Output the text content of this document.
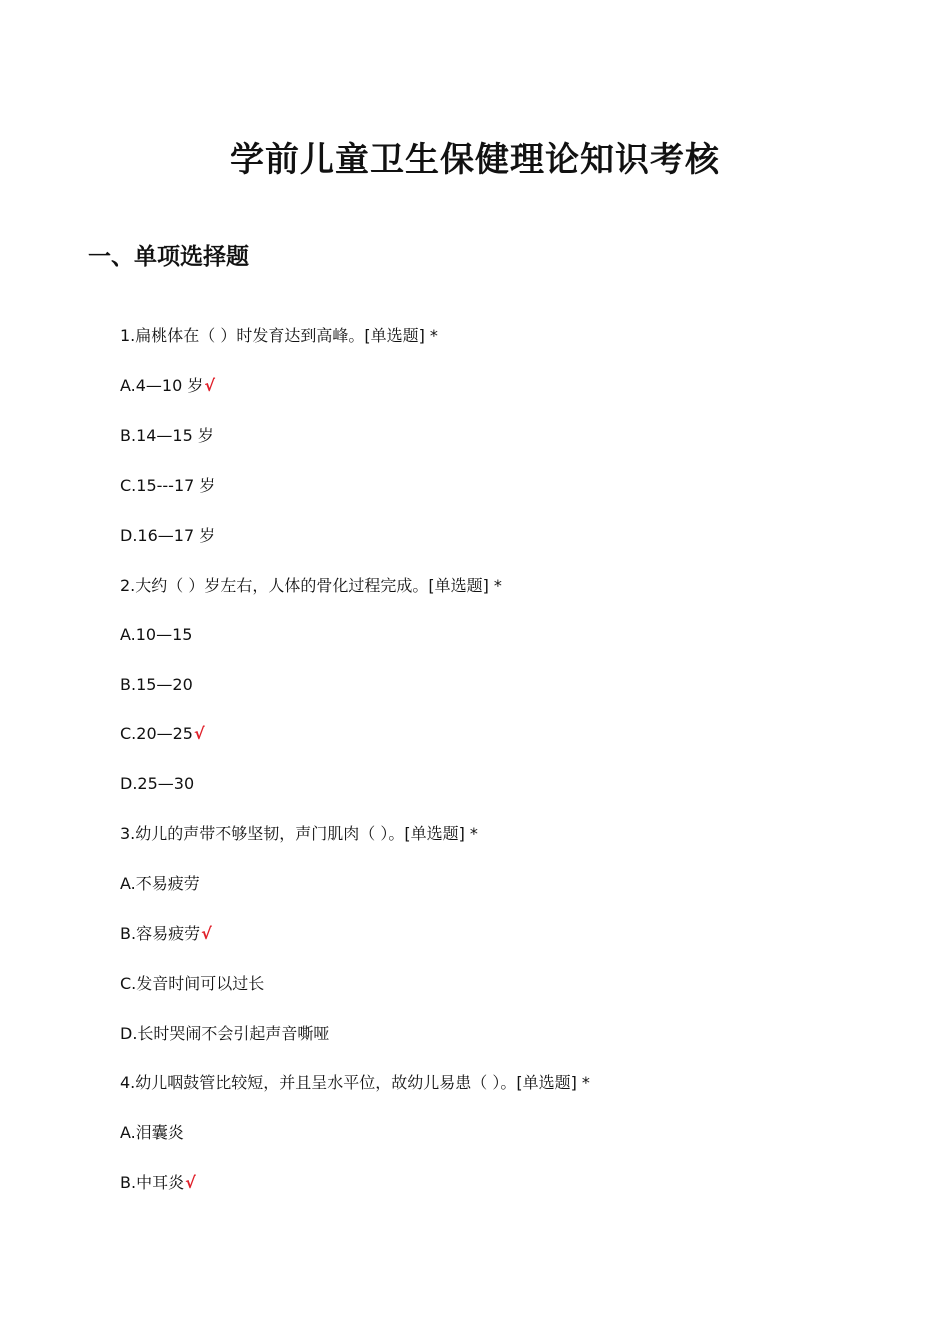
学前儿童卫生保健理论知识考核
一、单项选择题

1.扁桃体在（ ）时发育达到高峰。[单选题] *

A.4—10 岁√

B.14—15 岁

C.15---17 岁

D.16—17 岁

2.大约（ ）岁左右，人体的骨化过程完成。[单选题] *

A.10—15

B.15—20

C.20—25√

D.25—30

3.幼儿的声带不够坚韧，声门肌肉（ ）。[单选题] *

A.不易疲劳

B.容易疲劳√

C.发音时间可以过长

D.长时哭闹不会引起声音嘶哑

4.幼儿咽鼓管比较短，并且呈水平位，故幼儿易患（ ）。[单选题] *

A.泪囊炎

B.中耳炎√
